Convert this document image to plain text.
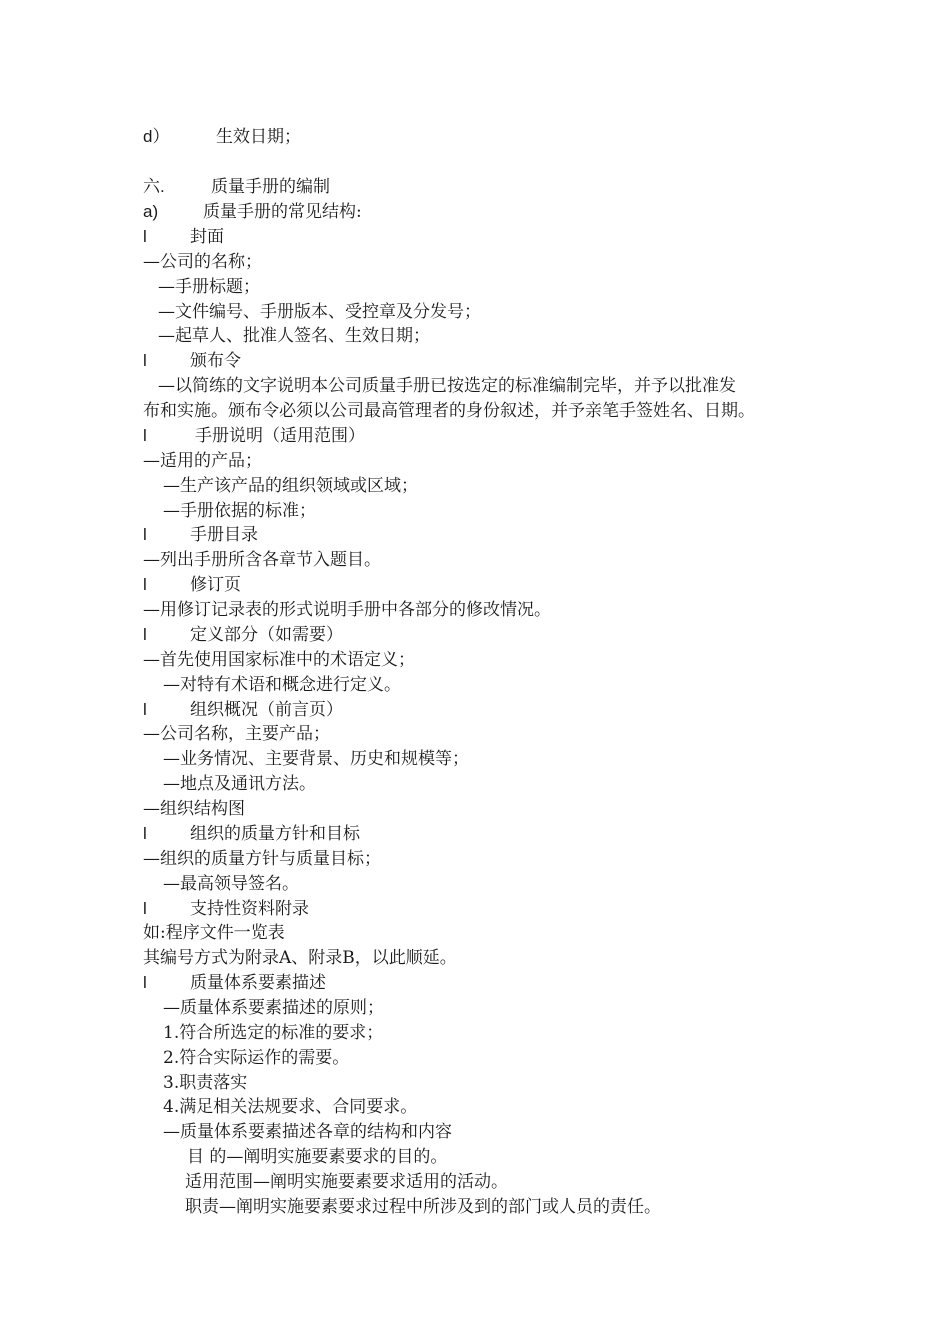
d）	生效日期；
六.	质量手册的编制
a)	质量手册的常见结构:
l	封面
—公司的名称；
—手册标题；
—文件编号、手册版本、受控章及分发号；
—起草人、批准人签名、生效日期；
l	颁布令
—以简练的文字说明本公司质量手册已按选定的标准编制完毕，并予以批准发
布和实施。颁布令必须以公司最高管理者的身份叙述，并予亲笔手签姓名、日期。
l	手册说明（适用范围）
—适用的产品；
—生产该产品的组织领域或区域；
—手册依据的标准；
l	手册目录
—列出手册所含各章节入题目。
l	修订页
—用修订记录表的形式说明手册中各部分的修改情况。
l	定义部分（如需要）
—首先使用国家标准中的术语定义；
—对特有术语和概念进行定义。
l	组织概况（前言页）
—公司名称，主要产品；
—业务情况、主要背景、历史和规模等；
—地点及通讯方法。
—组织结构图
l	组织的质量方针和目标
—组织的质量方针与质量目标；
—最高领导签名。
l	支持性资料附录
如:程序文件一览表
其编号方式为附录A、附录B，以此顺延。
l	质量体系要素描述
—质量体系要素描述的原则；
1.符合所选定的标准的要求；
2.符合实际运作的需要。
3.职责落实
4.满足相关法规要求、合同要求。
—质量体系要素描述各章的结构和内容
目 的—阐明实施要素要求的目的。
适用范围—阐明实施要素要求适用的活动。
职责—阐明实施要素要求过程中所涉及到的部门或人员的责任。
